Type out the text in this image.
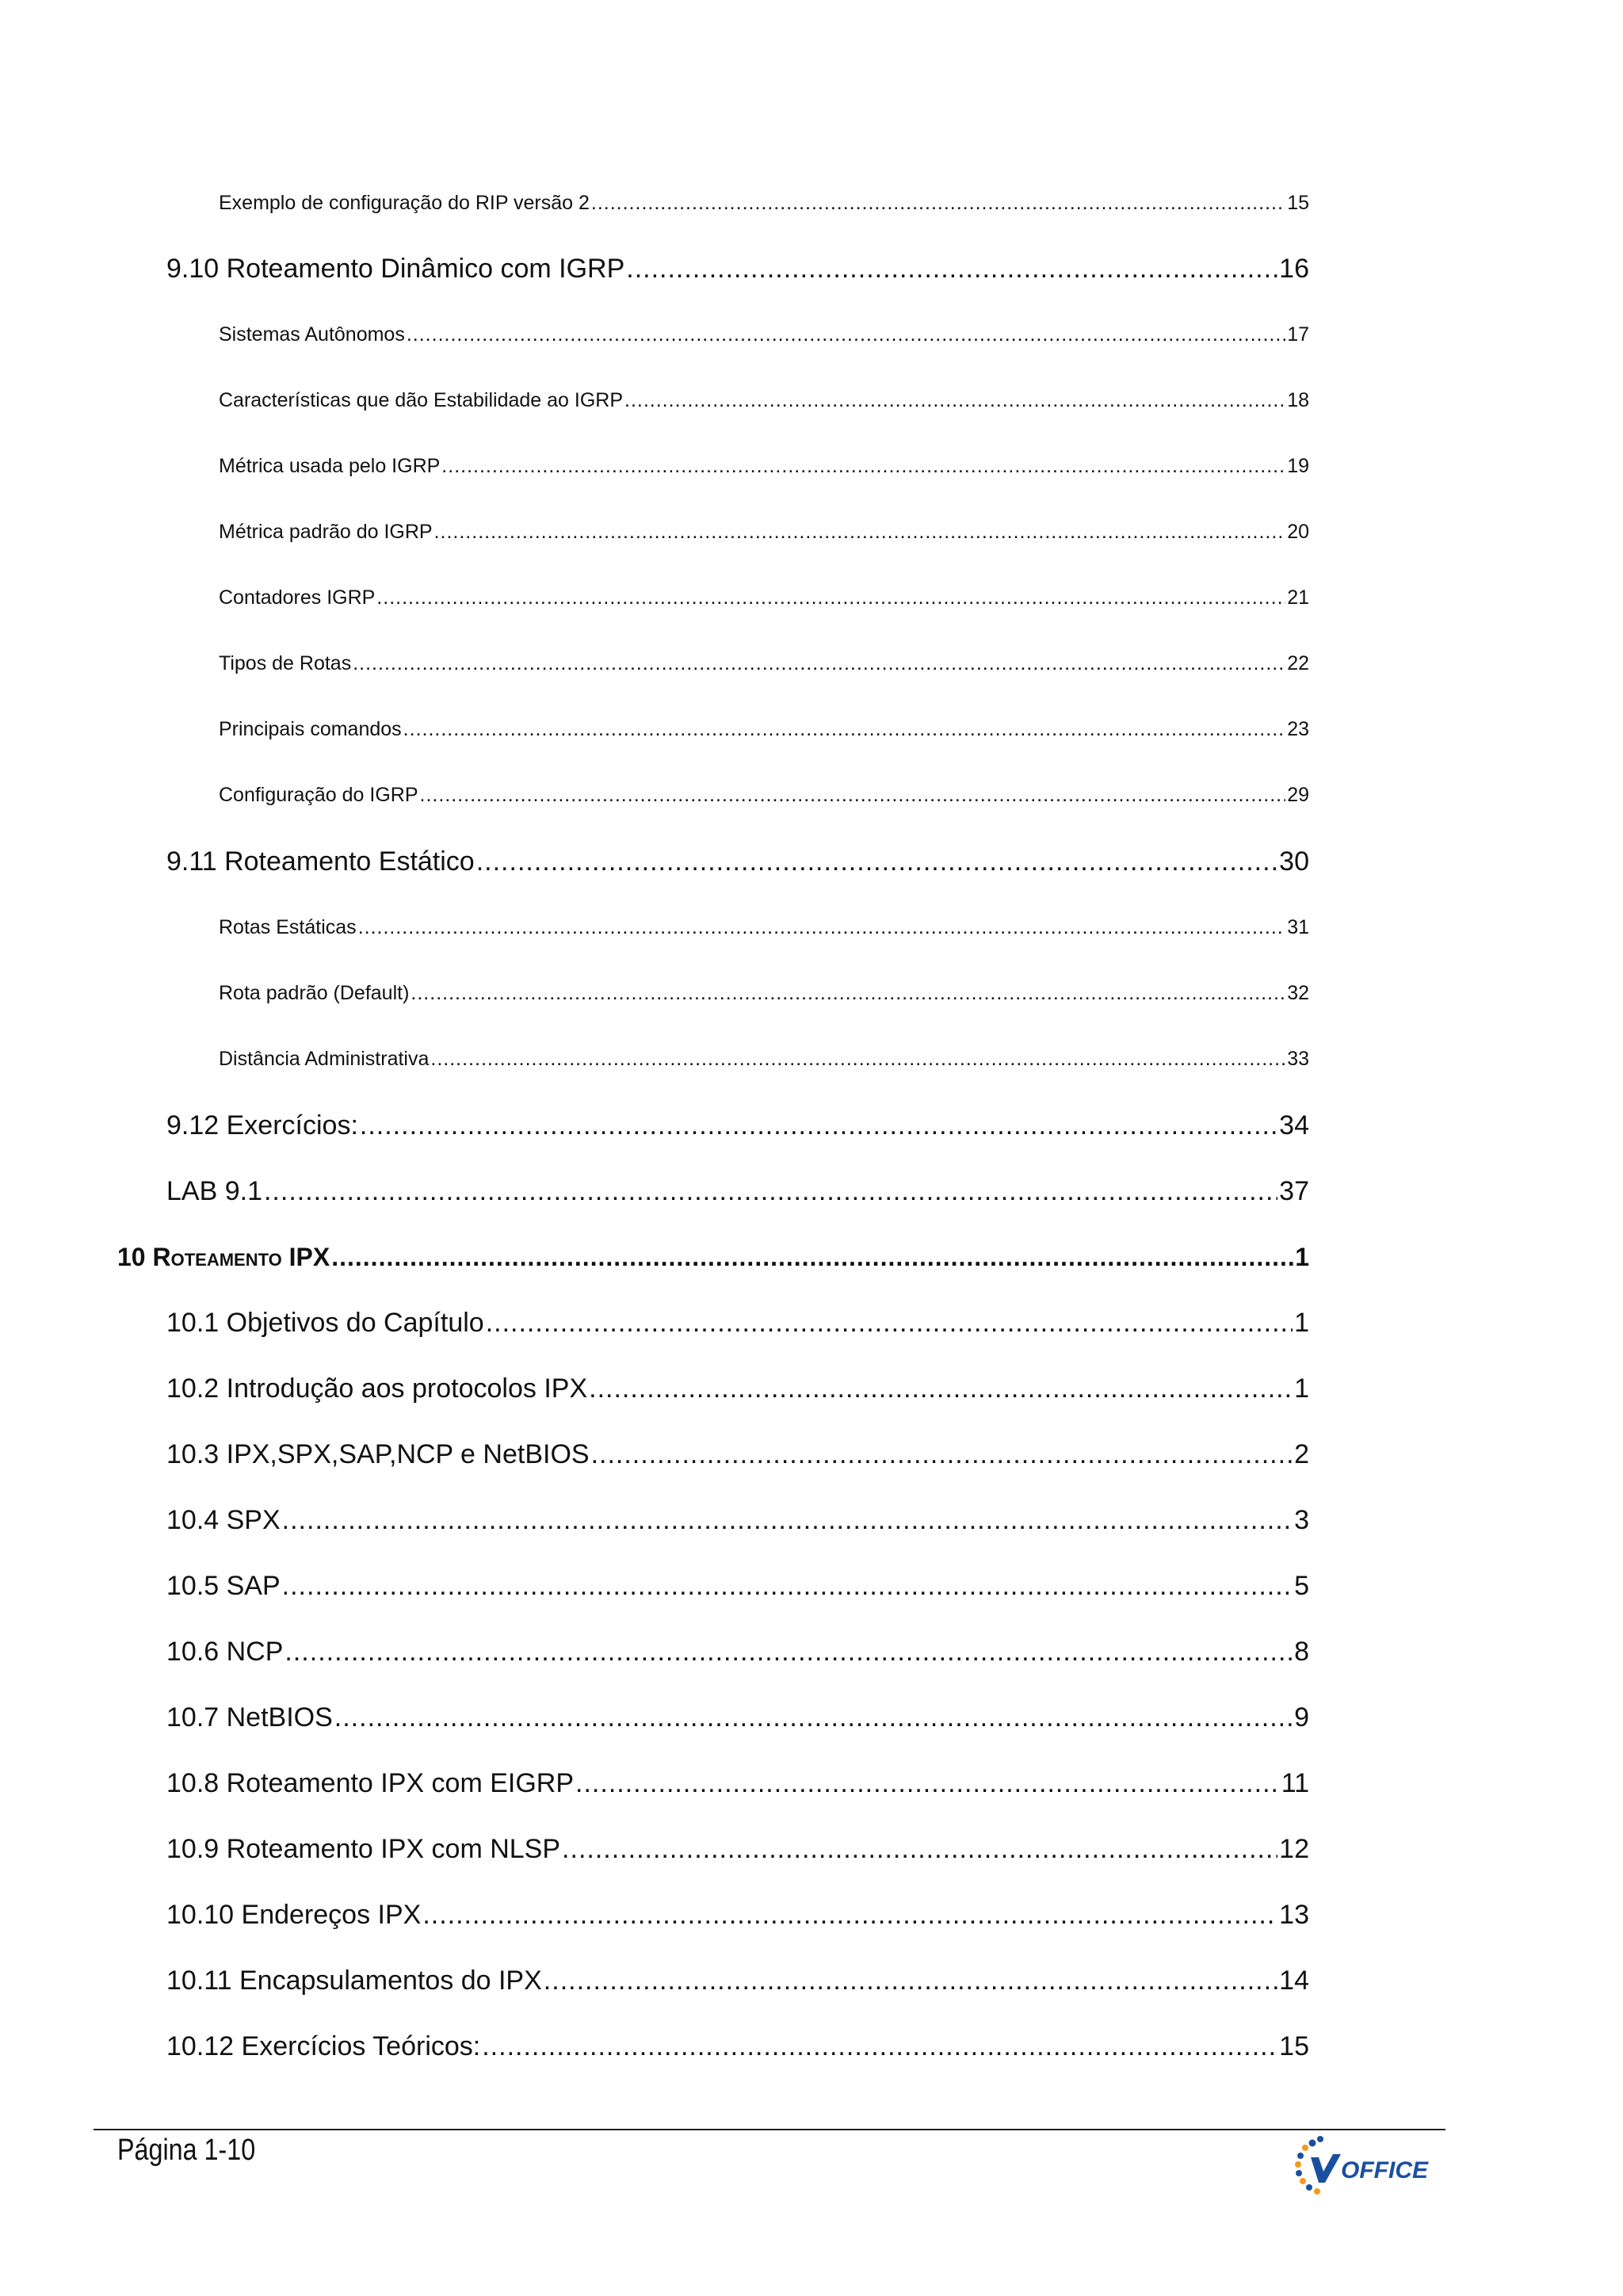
Exemplo de configuração do RIP versão 2 .....	15
9.10 Roteamento Dinâmico com IGRP .....	16
Sistemas Autônomos .....	17
Características que dão Estabilidade ao IGRP .....	18
Métrica usada pelo IGRP .....	19
Métrica padrão do IGRP .....	20
Contadores IGRP .....	21
Tipos de Rotas .....	22
Principais comandos .....	23
Configuração do IGRP .....	29
9.11 Roteamento Estático .....	30
Rotas Estáticas .....	31
Rota padrão (Default) .....	32
Distância Administrativa .....	33
9.12 Exercícios: .....	34
LAB 9.1 .....	37
10 ROTEAMENTO IPX .....	1
10.1 Objetivos do Capítulo .....	1
10.2 Introdução aos protocolos IPX .....	1
10.3 IPX,SPX,SAP,NCP e NetBIOS .....	2
10.4 SPX .....	3
10.5 SAP .....	5
10.6 NCP .....	8
10.7 NetBIOS .....	9
10.8 Roteamento IPX com EIGRP .....	11
10.9 Roteamento IPX com NLSP .....	12
10.10 Endereços IPX .....	13
10.11 Encapsulamentos do IPX .....	14
10.12 Exercícios Teóricos: .....	15
Página 1-10
OFFICE
